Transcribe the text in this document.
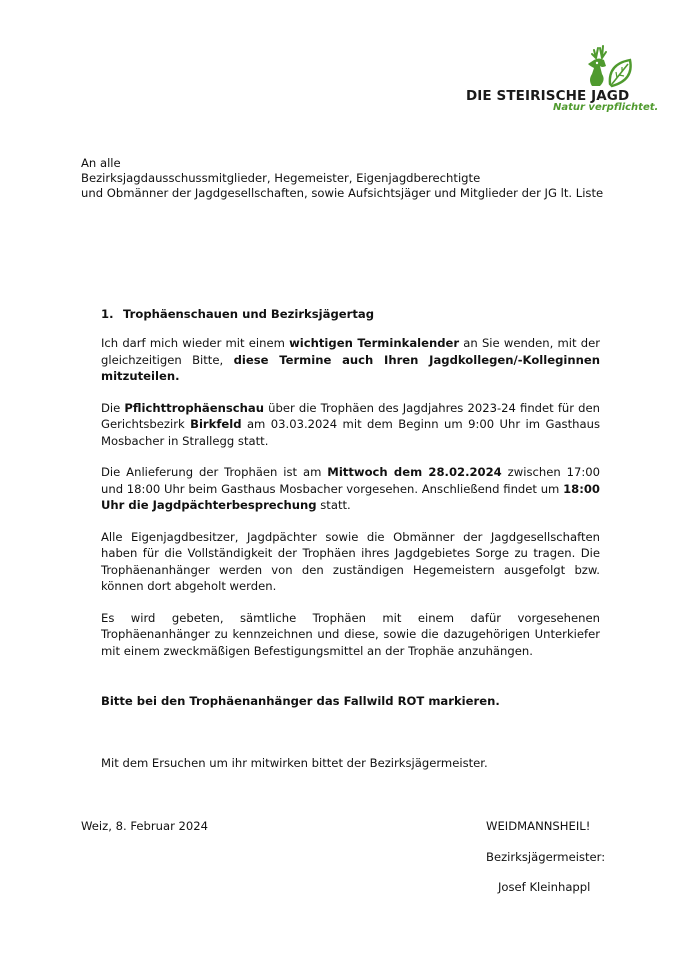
DIE STEIRISCHE JAGD
Natur verpflichtet.
An alle
Bezirksjagdausschussmitglieder, Hegemeister, Eigenjagdberechtigte
und Obmänner der Jagdgesellschaften, sowie Aufsichtsjäger und Mitglieder der JG lt. Liste
1. Trophäenschauen und Bezirksjägertag

Ich darf mich wieder mit einem wichtigen Terminkalender an Sie wenden, mit der gleichzeitigen Bitte, diese Termine auch Ihren Jagdkollegen/-Kolleginnen mitzuteilen.

Die Pflichttrophäenschau über die Trophäen des Jagdjahres 2023-24 findet für den Gerichtsbezirk Birkfeld am 03.03.2024 mit dem Beginn um 9:00 Uhr im Gasthaus Mosbacher in Strallegg statt.

Die Anlieferung der Trophäen ist am Mittwoch dem 28.02.2024 zwischen 17:00 und 18:00 Uhr beim Gasthaus Mosbacher vorgesehen. Anschließend findet um 18:00 Uhr die Jagdpächterbesprechung statt.

Alle Eigenjagdbesitzer, Jagdpächter sowie die Obmänner der Jagdgesellschaften haben für die Vollständigkeit der Trophäen ihres Jagdgebietes Sorge zu tragen. Die Trophäenanhänger werden von den zuständigen Hegemeistern ausgefolgt bzw. können dort abgeholt werden.

Es wird gebeten, sämtliche Trophäen mit einem dafür vorgesehenen Trophäenanhänger zu kennzeichnen und diese, sowie die dazugehörigen Unterkiefer mit einem zweckmäßigen Befestigungsmittel an der Trophäe anzuhängen.

Bitte bei den Trophäenanhänger das Fallwild ROT markieren.
Mit dem Ersuchen um ihr mitwirken bittet der Bezirksjägermeister.
Weiz, 8. Februar 2024	WEIDMANNSHEIL!
Bezirksjägermeister:
Josef Kleinhappl
